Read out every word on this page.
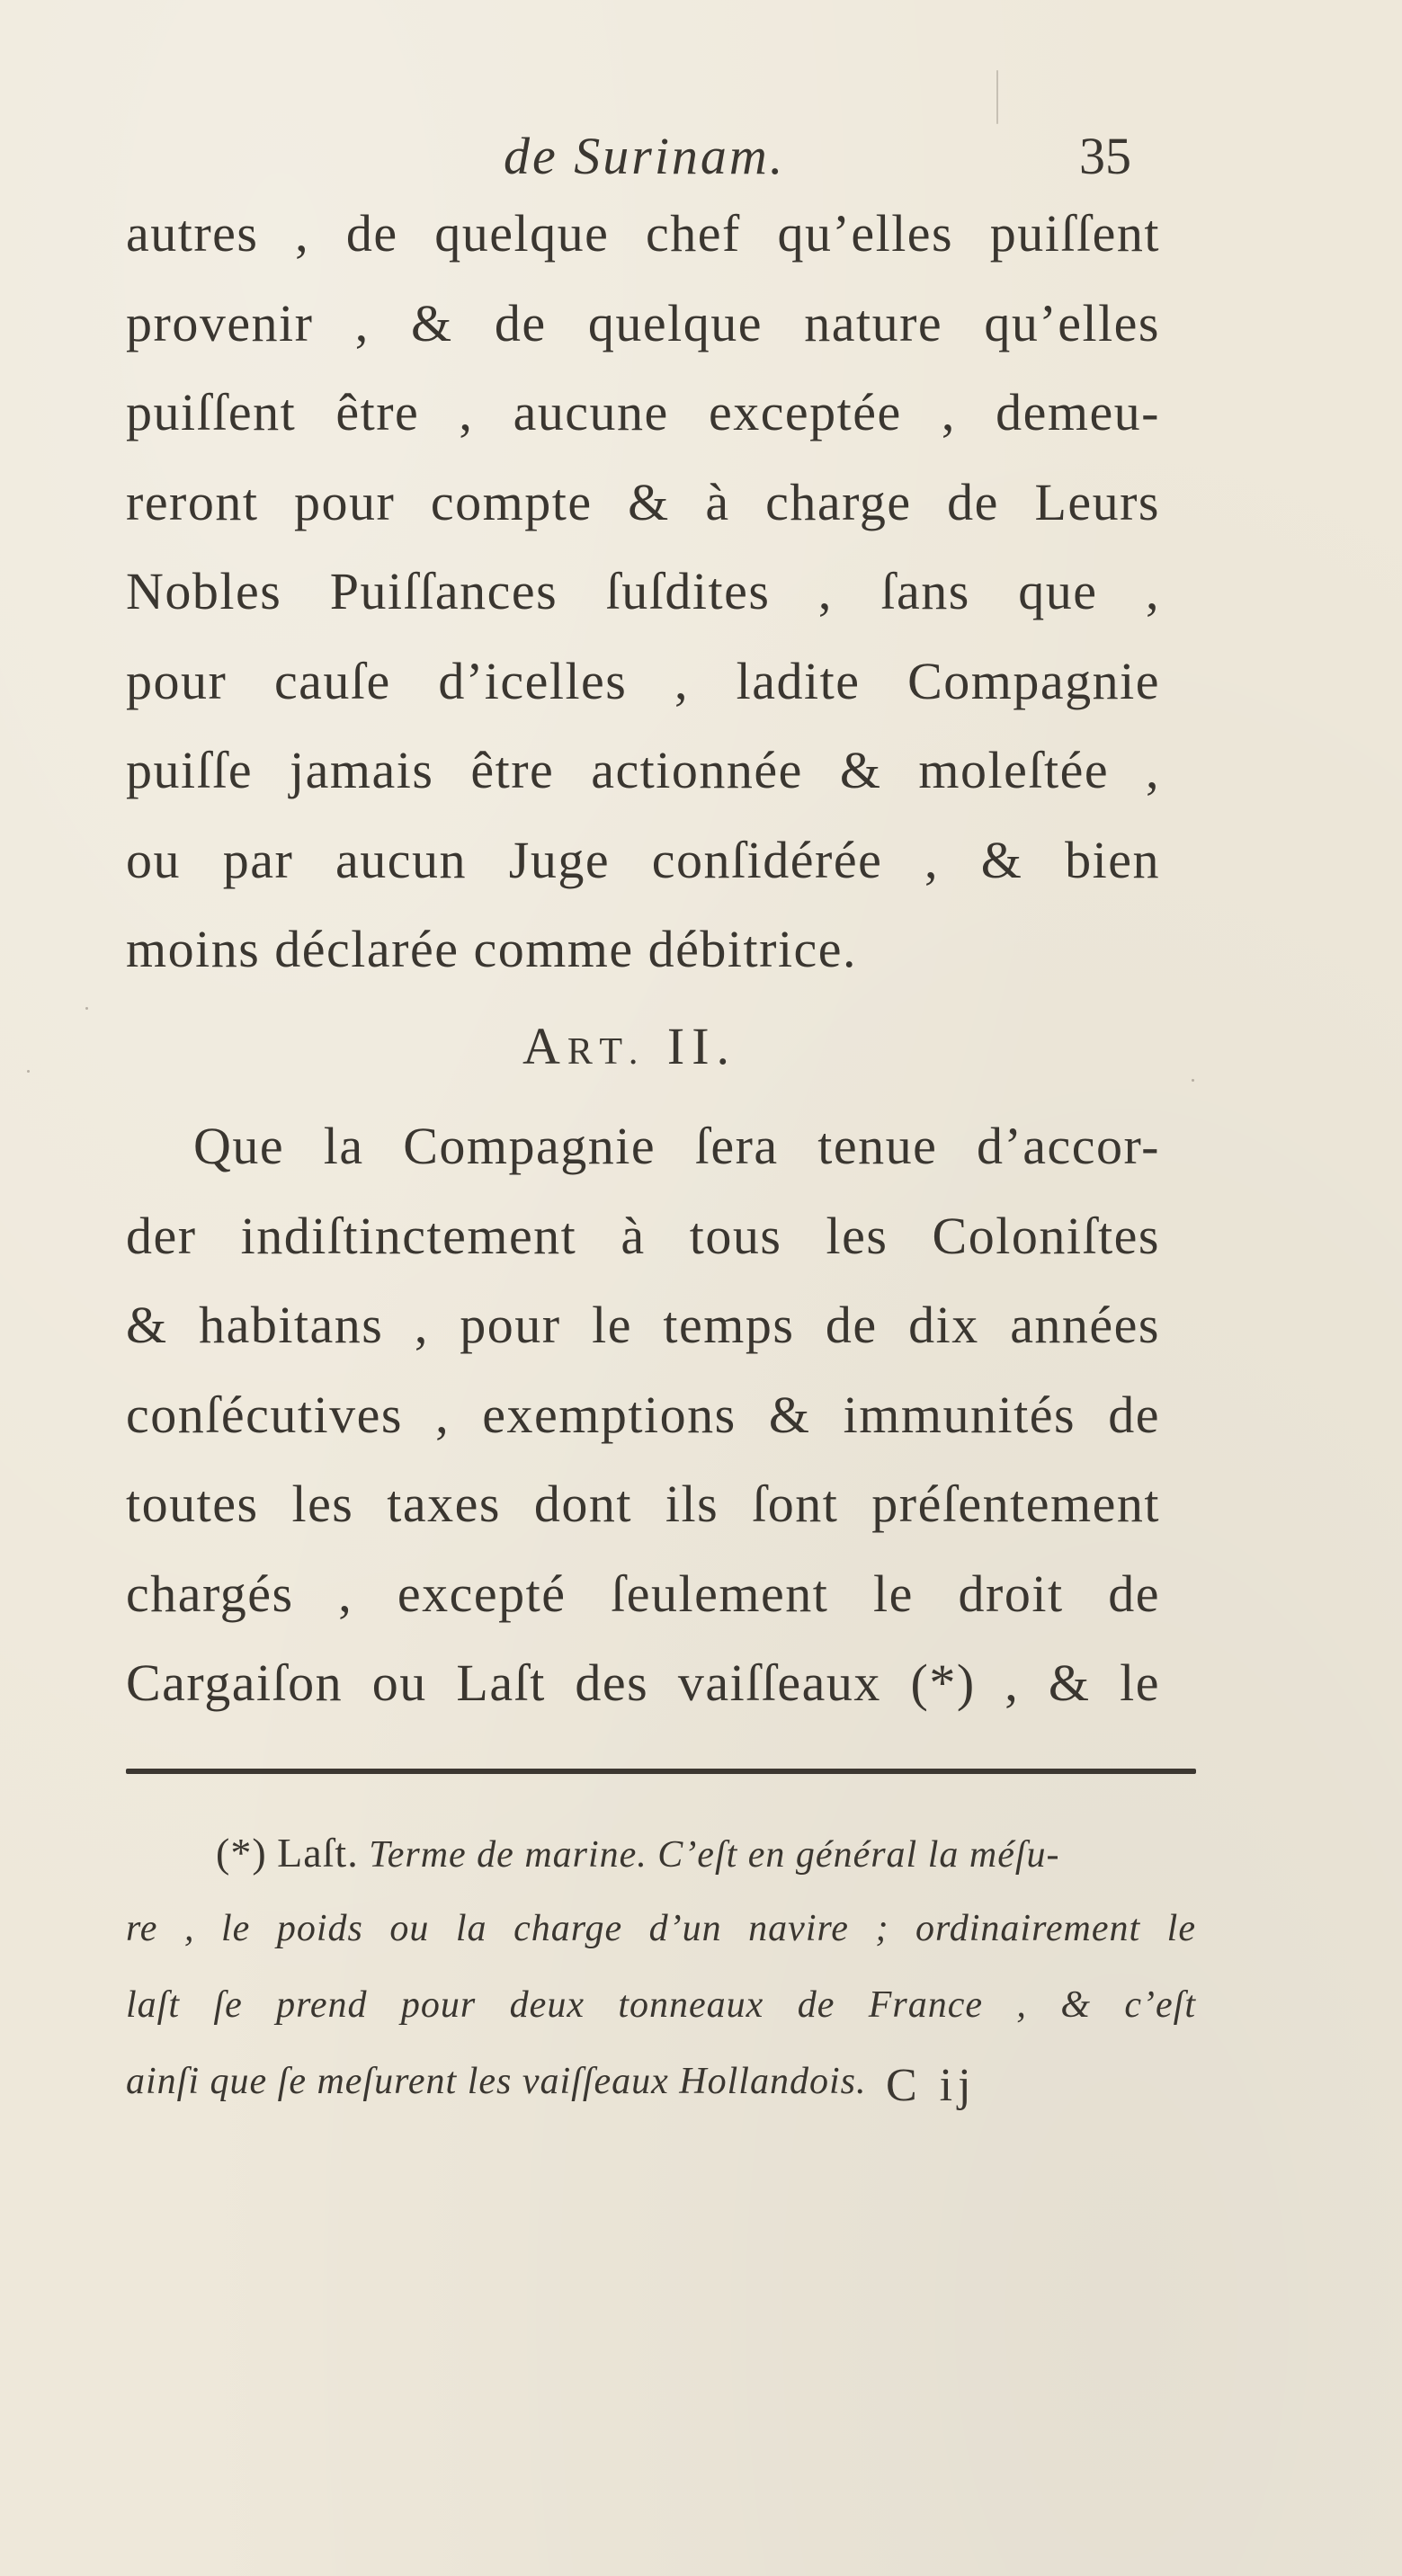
de Surinam.	35
autres , de quelque chef qu’elles puiſſent
provenir , & de quelque nature qu’elles
puiſſent être , aucune exceptée , demeu-
reront pour compte & à charge de Leurs
Nobles Puiſſances ſuſdites , ſans que ,
pour cauſe d’icelles , ladite Compagnie
puiſſe jamais être actionnée & moleſtée ,
ou par aucun Juge conſidérée , & bien
moins déclarée comme débitrice.
ART. II.
Que la Compagnie ſera tenue d’accor-
der indiſtinctement à tous les Coloniſtes
& habitans , pour le temps de dix années
conſécutives , exemptions & immunités de
toutes les taxes dont ils ſont préſentement
chargés , excepté ſeulement le droit de
Cargaiſon ou Laſt des vaiſſeaux (*) , & le
(*) Laſt. Terme de marine. C’eſt en général la méſu-
re , le poids ou la charge d’un navire ; ordinairement le
laſt ſe prend pour deux tonneaux de France , & c’eſt
ainſi que ſe meſurent les vaiſſeaux Hollandois. C ij
